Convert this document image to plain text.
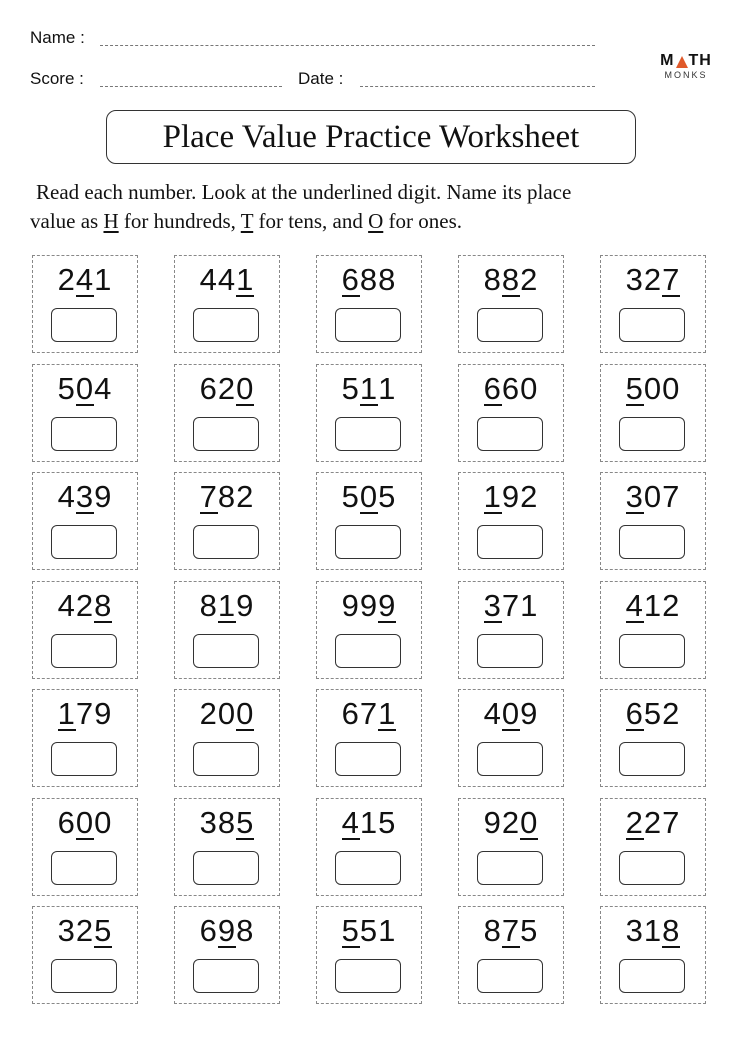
Name :
Score :	Date :
M TH
MONKS
Place Value Practice Worksheet
Read each number. Look at the underlined digit. Name its place
value as H for hundreds, T for tens, and O for ones.
241	441	688	882	327
504	620	511	660	500
439	782	505	192	307
428	819	999	371	412
179	200	671	409	652
600	385	415	920	227
325	698	551	875	318
